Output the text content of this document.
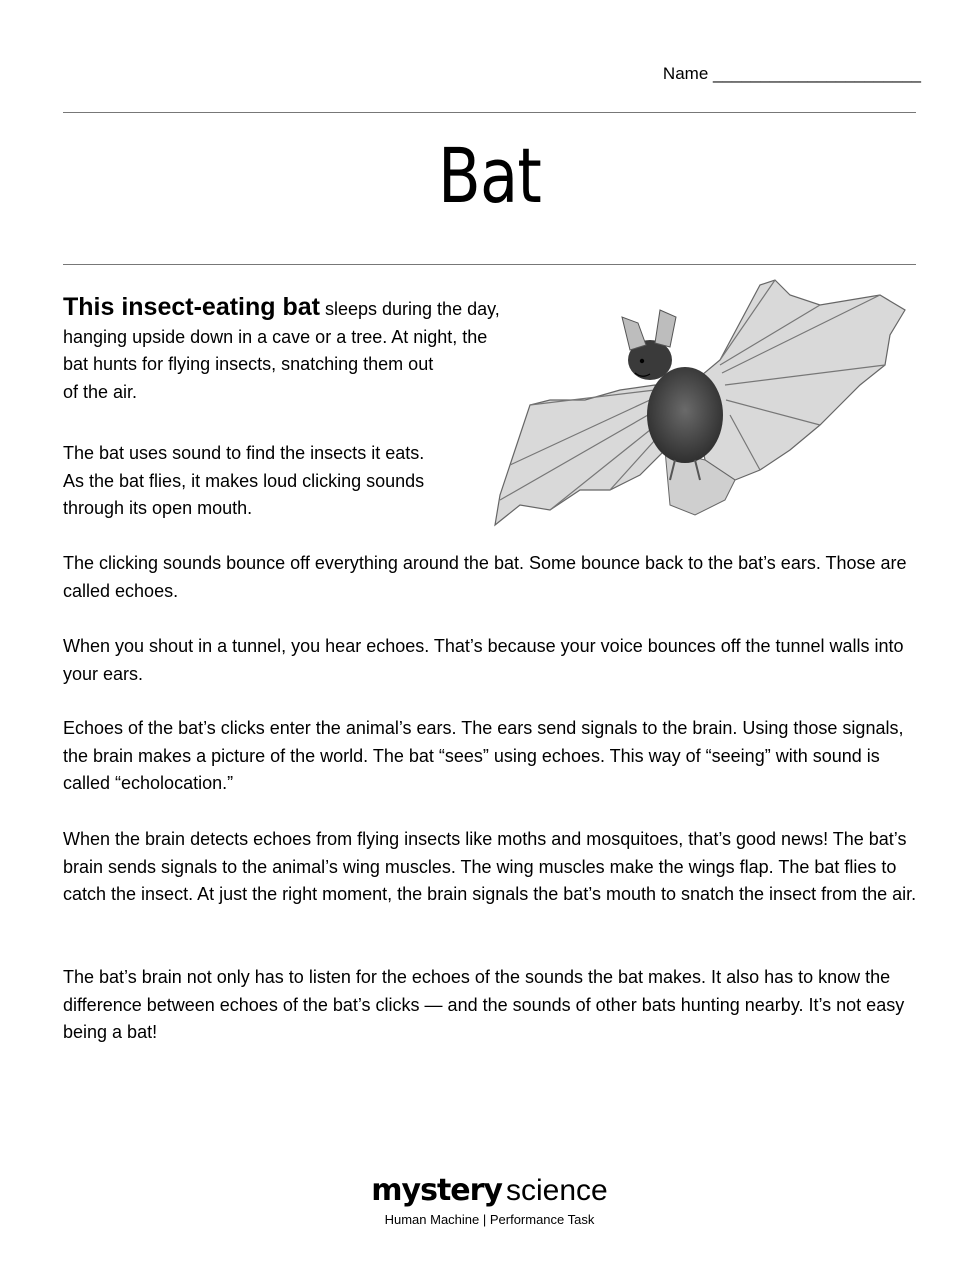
Name ______________________
Bat

This insect-eating bat sleeps during the day,
hanging upside down in a cave or a tree. At night, the
bat hunts for flying insects, snatching them out
of the air.

The bat uses sound to find the insects it eats.
As the bat flies, it makes loud clicking sounds
through its open mouth.

The clicking sounds bounce off everything around the bat. Some bounce back to the bat’s ears. Those are called echoes.

When you shout in a tunnel, you hear echoes. That’s because your voice bounces off the tunnel walls into your ears.

Echoes of the bat’s clicks enter the animal’s ears. The ears send signals to the brain. Using those signals, the brain makes a picture of the world. The bat “sees” using echoes. This way of “seeing” with sound is called “echolocation.”

When the brain detects echoes from flying insects like moths and mosquitoes, that’s good news! The bat’s brain sends signals to the animal’s wing muscles. The wing muscles make the wings flap. The bat flies to catch the insect. At just the right moment, the brain signals the bat’s mouth to snatch the insect from the air.

The bat’s brain not only has to listen for the echoes of the sounds the bat makes. It also has to know the difference between echoes of the bat’s clicks — and the sounds of other bats hunting nearby. It’s not easy being a bat!

mystery science
Human Machine | Performance Task
